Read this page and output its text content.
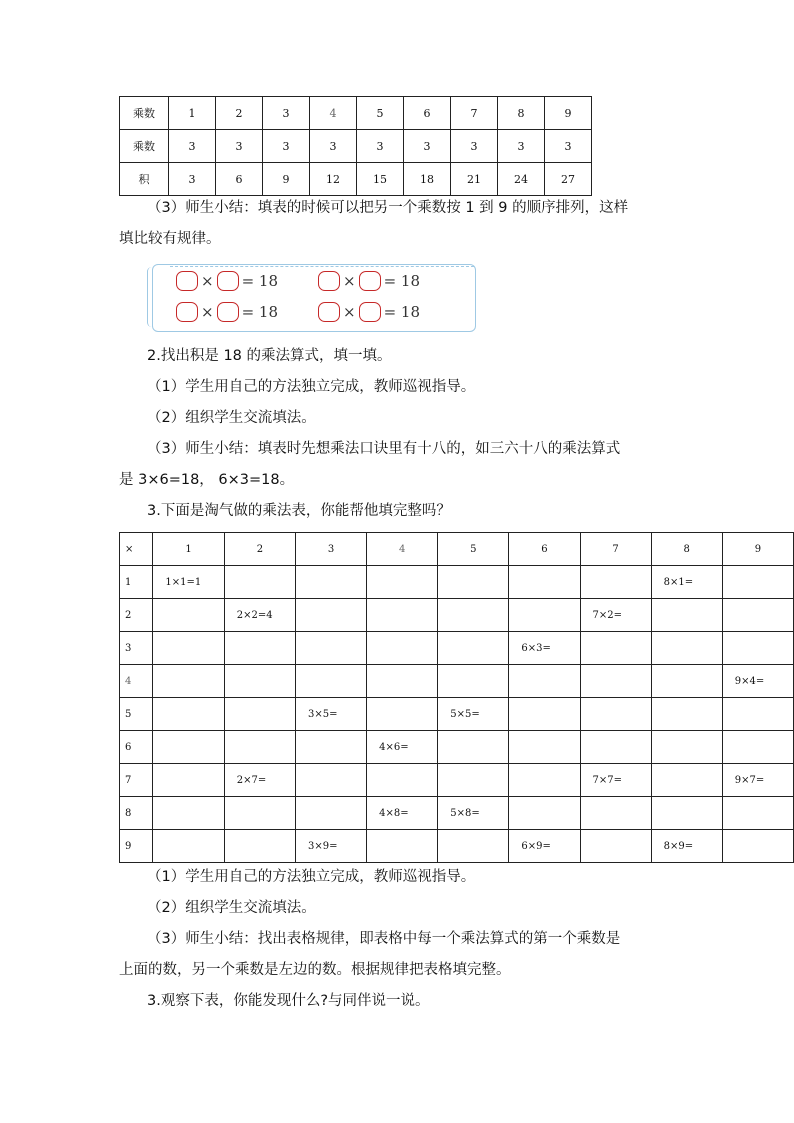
乘数	1	2	3	4	5	6	7	8	9
乘数	3	3	3	3	3	3	3	3	3
积	3	6	9	12	15	18	21	24	27
（3）师生小结：填表的时候可以把另一个乘数按 1 到 9 的顺序排列，这样
填比较有规律。
× = 18	× = 18
× = 18	× = 18
2.找出积是 18 的乘法算式，填一填。
（1）学生用自己的方法独立完成，教师巡视指导。
（2）组织学生交流填法。
（3）师生小结：填表时先想乘法口诀里有十八的，如三六十八的乘法算式
是 3×6=18， 6×3=18。
3.下面是淘气做的乘法表，你能帮他填完整吗？
×	1	2	3	4	5	6	7	8	9
1	1×1=1							8×1=	
2		2×2=4					7×2=		
3						6×3=			
4									9×4=
5			3×5=		5×5=				
6				4×6=					
7		2×7=					7×7=		9×7=
8				4×8=	5×8=				
9			3×9=			6×9=		8×9=	
（1）学生用自己的方法独立完成，教师巡视指导。
（2）组织学生交流填法。
（3）师生小结：找出表格规律，即表格中每一个乘法算式的第一个乘数是
上面的数，另一个乘数是左边的数。根据规律把表格填完整。
3.观察下表，你能发现什么?与同伴说一说。
